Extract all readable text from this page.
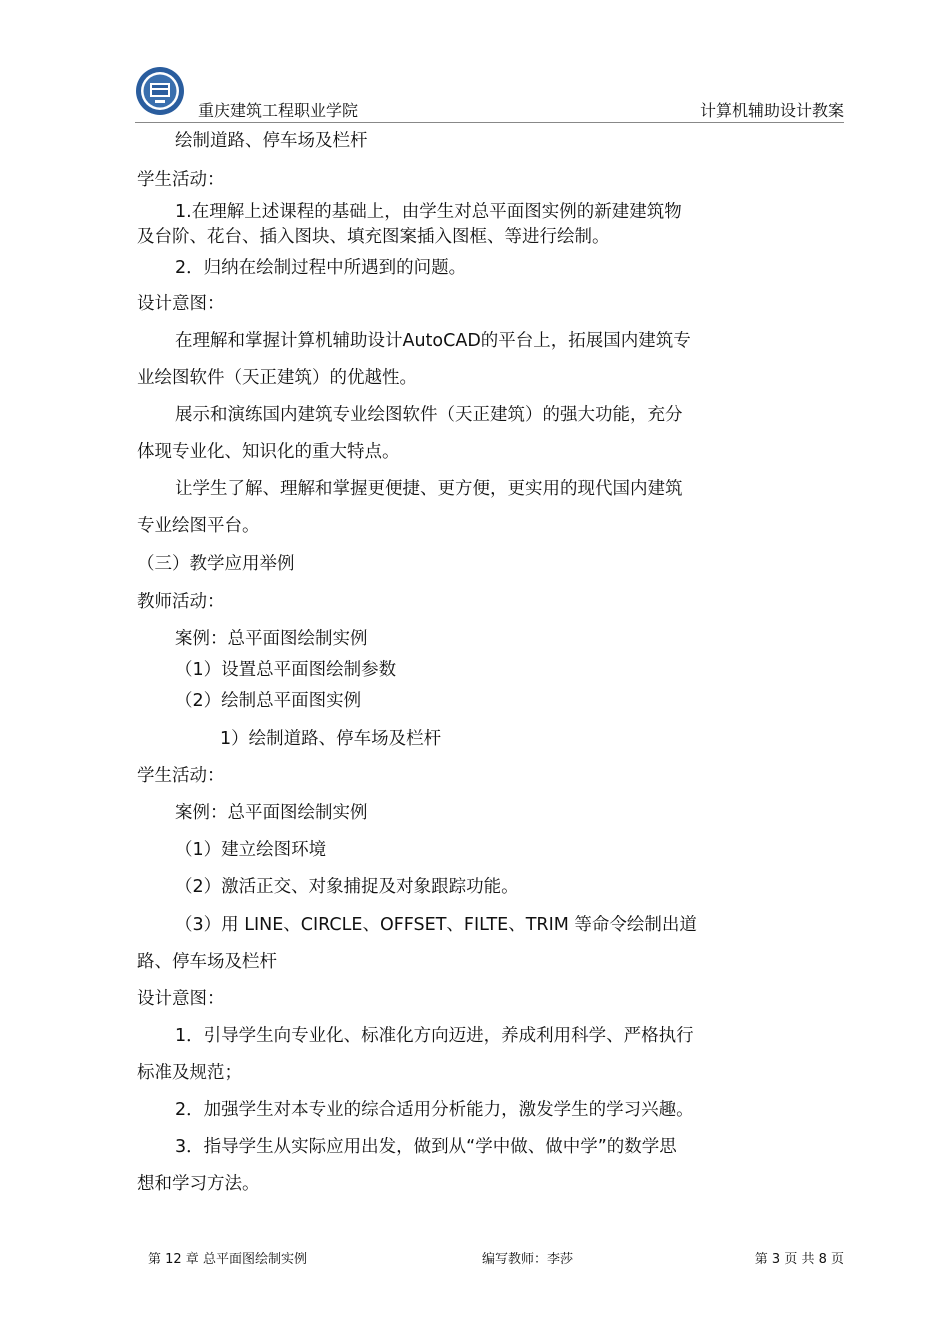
重庆建筑工程职业学院	计算机辅助设计教案
绘制道路、停车场及栏杆
学生活动：
1.在理解上述课程的基础上，由学生对总平面图实例的新建建筑物
及台阶、花台、插入图块、填充图案插入图框、等进行绘制。
2．归纳在绘制过程中所遇到的问题。
设计意图：
在理解和掌握计算机辅助设计AutoCAD的平台上，拓展国内建筑专
业绘图软件（天正建筑）的优越性。
展示和演练国内建筑专业绘图软件（天正建筑）的强大功能，充分
体现专业化、知识化的重大特点。
让学生了解、理解和掌握更便捷、更方便，更实用的现代国内建筑
专业绘图平台。
（三）教学应用举例
教师活动：
案例：总平面图绘制实例
（1）设置总平面图绘制参数
（2）绘制总平面图实例
1）绘制道路、停车场及栏杆
学生活动：
案例：总平面图绘制实例
（1）建立绘图环境
（2）激活正交、对象捕捉及对象跟踪功能。
（3）用 LINE、CIRCLE、OFFSET、FILTE、TRIM 等命令绘制出道
路、停车场及栏杆
设计意图：
1．引导学生向专业化、标准化方向迈进，养成利用科学、严格执行
标准及规范；
2．加强学生对本专业的综合适用分析能力，激发学生的学习兴趣。
3．指导学生从实际应用出发，做到从“学中做、做中学”的数学思
想和学习方法。
第 12 章 总平面图绘制实例	编写教师：李莎	第 3 页 共 8 页
